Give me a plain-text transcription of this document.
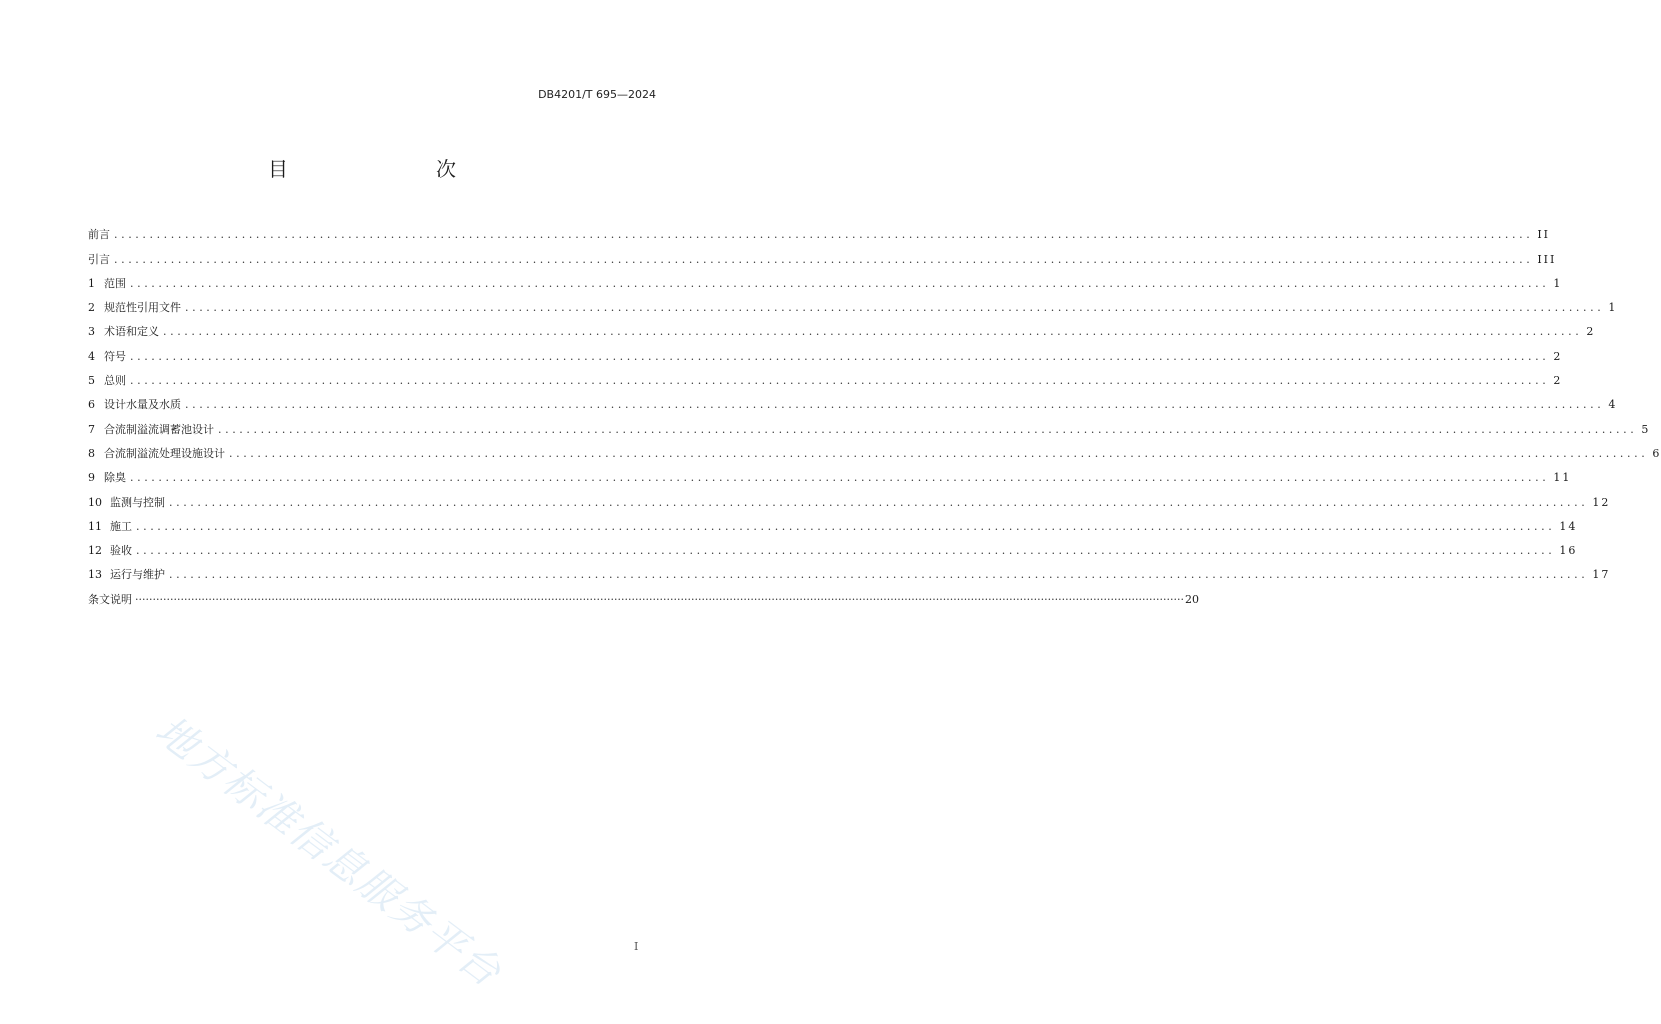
DB4201/T 695—2024
目　　次
前言 ........................................................................................................................................................................................................ II
引言 ........................................................................................................................................................................................................ III
1 范围 ........................................................................................................................................................................................................ 1
2 规范性引用文件 ........................................................................................................................................................................................................ 1
3 术语和定义 ........................................................................................................................................................................................................ 2
4 符号 ........................................................................................................................................................................................................ 2
5 总则 ........................................................................................................................................................................................................ 2
6 设计水量及水质 ........................................................................................................................................................................................................ 4
7 合流制溢流调蓄池设计 ........................................................................................................................................................................................................ 5
8 合流制溢流处理设施设计 ........................................................................................................................................................................................................ 6
9 除臭 ........................................................................................................................................................................................................ 11
10 监测与控制 ........................................................................................................................................................................................................ 12
11 施工 ........................................................................................................................................................................................................ 14
12 验收 ........................................................................................................................................................................................................ 16
13 运行与维护 ........................................................................................................................................................................................................ 17
条文说明 ············································································································································································································································································································ 20
地方标准信息服务平台	I
